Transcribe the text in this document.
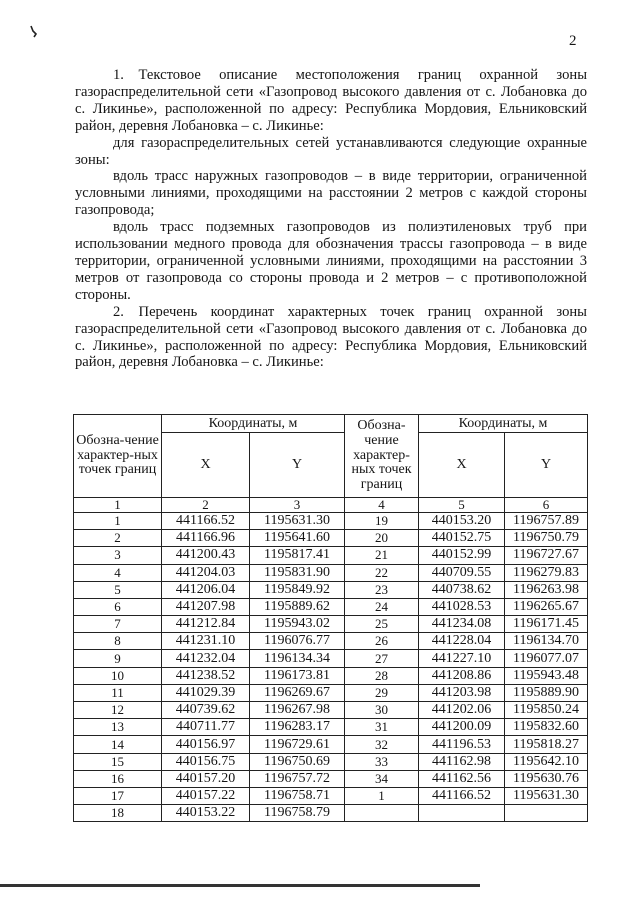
2

1. Текстовое описание местоположения границ охранной зоны газораспределительной сети «Газопровод высокого давления от с. Лобановка до с. Ликинье», расположенной по адресу: Республика Мордовия, Ельниковский район, деревня Лобановка – с. Ликинье:

для газораспределительных сетей устанавливаются следующие охранные зоны:

вдоль трасс наружных газопроводов – в виде территории, ограниченной условными линиями, проходящими на расстоянии 2 метров с каждой стороны газопровода;

вдоль трасс подземных газопроводов из полиэтиленовых труб при использовании медного провода для обозначения трассы газопровода – в виде территории, ограниченной условными линиями, проходящими на расстоянии 3 метров от газопровода со стороны провода и 2 метров – с противоположной стороны.

2. Перечень координат характерных точек границ охранной зоны газораспределительной сети «Газопровод высокого давления от с. Лобановка до с. Ликинье», расположенной по адресу: Республика Мордовия, Ельниковский район, деревня Лобановка – с. Ликинье:

Обозна-чение характер-ных точек границ	Координаты, м		Обозна-чение характер-ных точек границ	Координаты, м	
	X	Y		X	Y
1	2	3	4	5	6
1	441166.52	1195631.30	19	440153.20	1196757.89
2	441166.96	1195641.60	20	440152.75	1196750.79
3	441200.43	1195817.41	21	440152.99	1196727.67
4	441204.03	1195831.90	22	440709.55	1196279.83
5	441206.04	1195849.92	23	440738.62	1196263.98
6	441207.98	1195889.62	24	441028.53	1196265.67
7	441212.84	1195943.02	25	441234.08	1196171.45
8	441231.10	1196076.77	26	441228.04	1196134.70
9	441232.04	1196134.34	27	441227.10	1196077.07
10	441238.52	1196173.81	28	441208.86	1195943.48
11	441029.39	1196269.67	29	441203.98	1195889.90
12	440739.62	1196267.98	30	441202.06	1195850.24
13	440711.77	1196283.17	31	441200.09	1195832.60
14	440156.97	1196729.61	32	441196.53	1195818.27
15	440156.75	1196750.69	33	441162.98	1195642.10
16	440157.20	1196757.72	34	441162.56	1195630.76
17	440157.22	1196758.71	1	441166.52	1195631.30
18	440153.22	1196758.79			
